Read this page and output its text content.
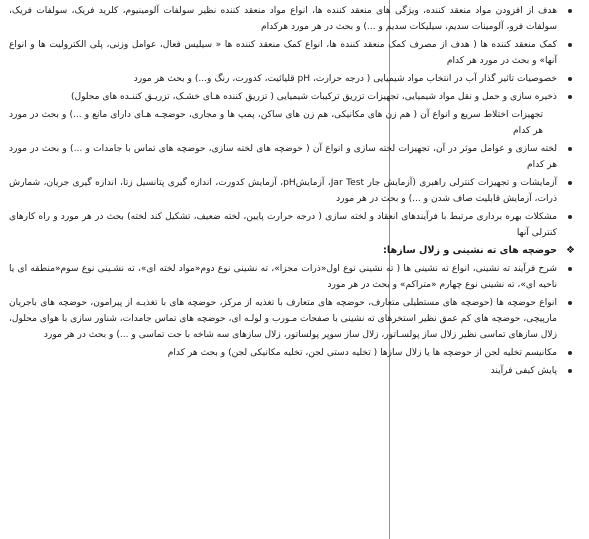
هدف از افزودن مواد منعقد کننده، ویژگی های منعقد کننده ها، انواع مواد منعقد کننده نظیر سولفات آلومینیوم، کلرید فریک، سولفات فریک، سولفات فرو، آلومینات سدیم، سیلیکات سدیم و ...) و بحث در هر مورد هرکدام
کمک منعقد کننده ها ( هدف از مصرف کمک منعقد کننده ها، انواع کمک منعقد کننده ها « سیلیس فعال، عوامل وزنی، پلی الکترولیت ها و انواع آنها» و بحث در مورد هر کدام
خصوصیات تاثیر گذار آب در انتخاب مواد شیمیایی ( درجه حرارت، pH قلیائیت، کدورت، رنگ و...) و بحث هر مورد
ذخیره سازی و حمل و نقل مواد شیمیایی، تجهیزات تزریق ترکیبات شیمیایی ( تزریق کننده هـای خشـک، تزریـق کننـده های محلول)
تجهیزات اختلاط سریع و انواع آن ( هم زن های مکانیکی، هم زن های ساکن، پمپ ها و مجاری، حوضچـه هـای دارای مانع و ...) و بحث در مورد هر کدام
لخته سازی و عوامل موثر در آن، تجهیزات لخته سازی و انواع آن ( حوضچه های لخته سازی، حوضچه های تماس با جامدات و ...) و بحث در مورد هر کدام
آزمایشات و تجهیزات کنترلی راهبری (آزمایش جار Jar Test، آزمایشpH، آزمایش کدورت، اندازه گیری پتانسیل زتا، اندازه گیری جریان، شمارش ذرات، آزمایش قابلیت صاف شدن و ...) و بحث در هر مورد
مشکلات بهره برداری مرتبط با فرآیندهای انعقاد و لخته سازی ( درجه حرارت پایین، لخته ضعیف، تشکیل کند لخته) بحث در هر مورد و راه کارهای کنترلی آنها
❖
حوضچه های ته نشینی و زلال سازها:
شرح فرآیند ته نشینی، انواع ته نشینی ها ( ته نشینی نوع اول«ذرات مجزا»، ته نشینی نوع دوم«مواد لخته ای»، ته نشـینی نوع سوم«منطقه ای یا ناحیه ای»، ته نشینی نوع چهارم «متراکم» و بحث در هر مورد
انواع حوضچه ها (حوضچه های مستطیلی متعارف، حوضچه های متعارف با تغذیه از مرکز، حوضچه های با تغذیـه از پیرامون، حوضچه های باجریان مارپیچی، حوضچه های کم عمق نظیر استخرهای ته نشینی با صفحات مـورب و لولـه ای، حوضچه های تماس جامدات، شناور سازی با هوای محلول، زلال سازهای تماسی نظیر زلال ساز پولسـاتور، زلال ساز سوپر پولساتور، زلال سازهای سه شاخه با جت تماسی و ...) و بحث در هر مورد
مکانیسم تخلیه لجن از حوضچه ها یا زلال سازها ( تخلیه دستی لجن، تخلیه مکانیکی لجن) و بحث هر کدام
پایش کیفی فرآیند
